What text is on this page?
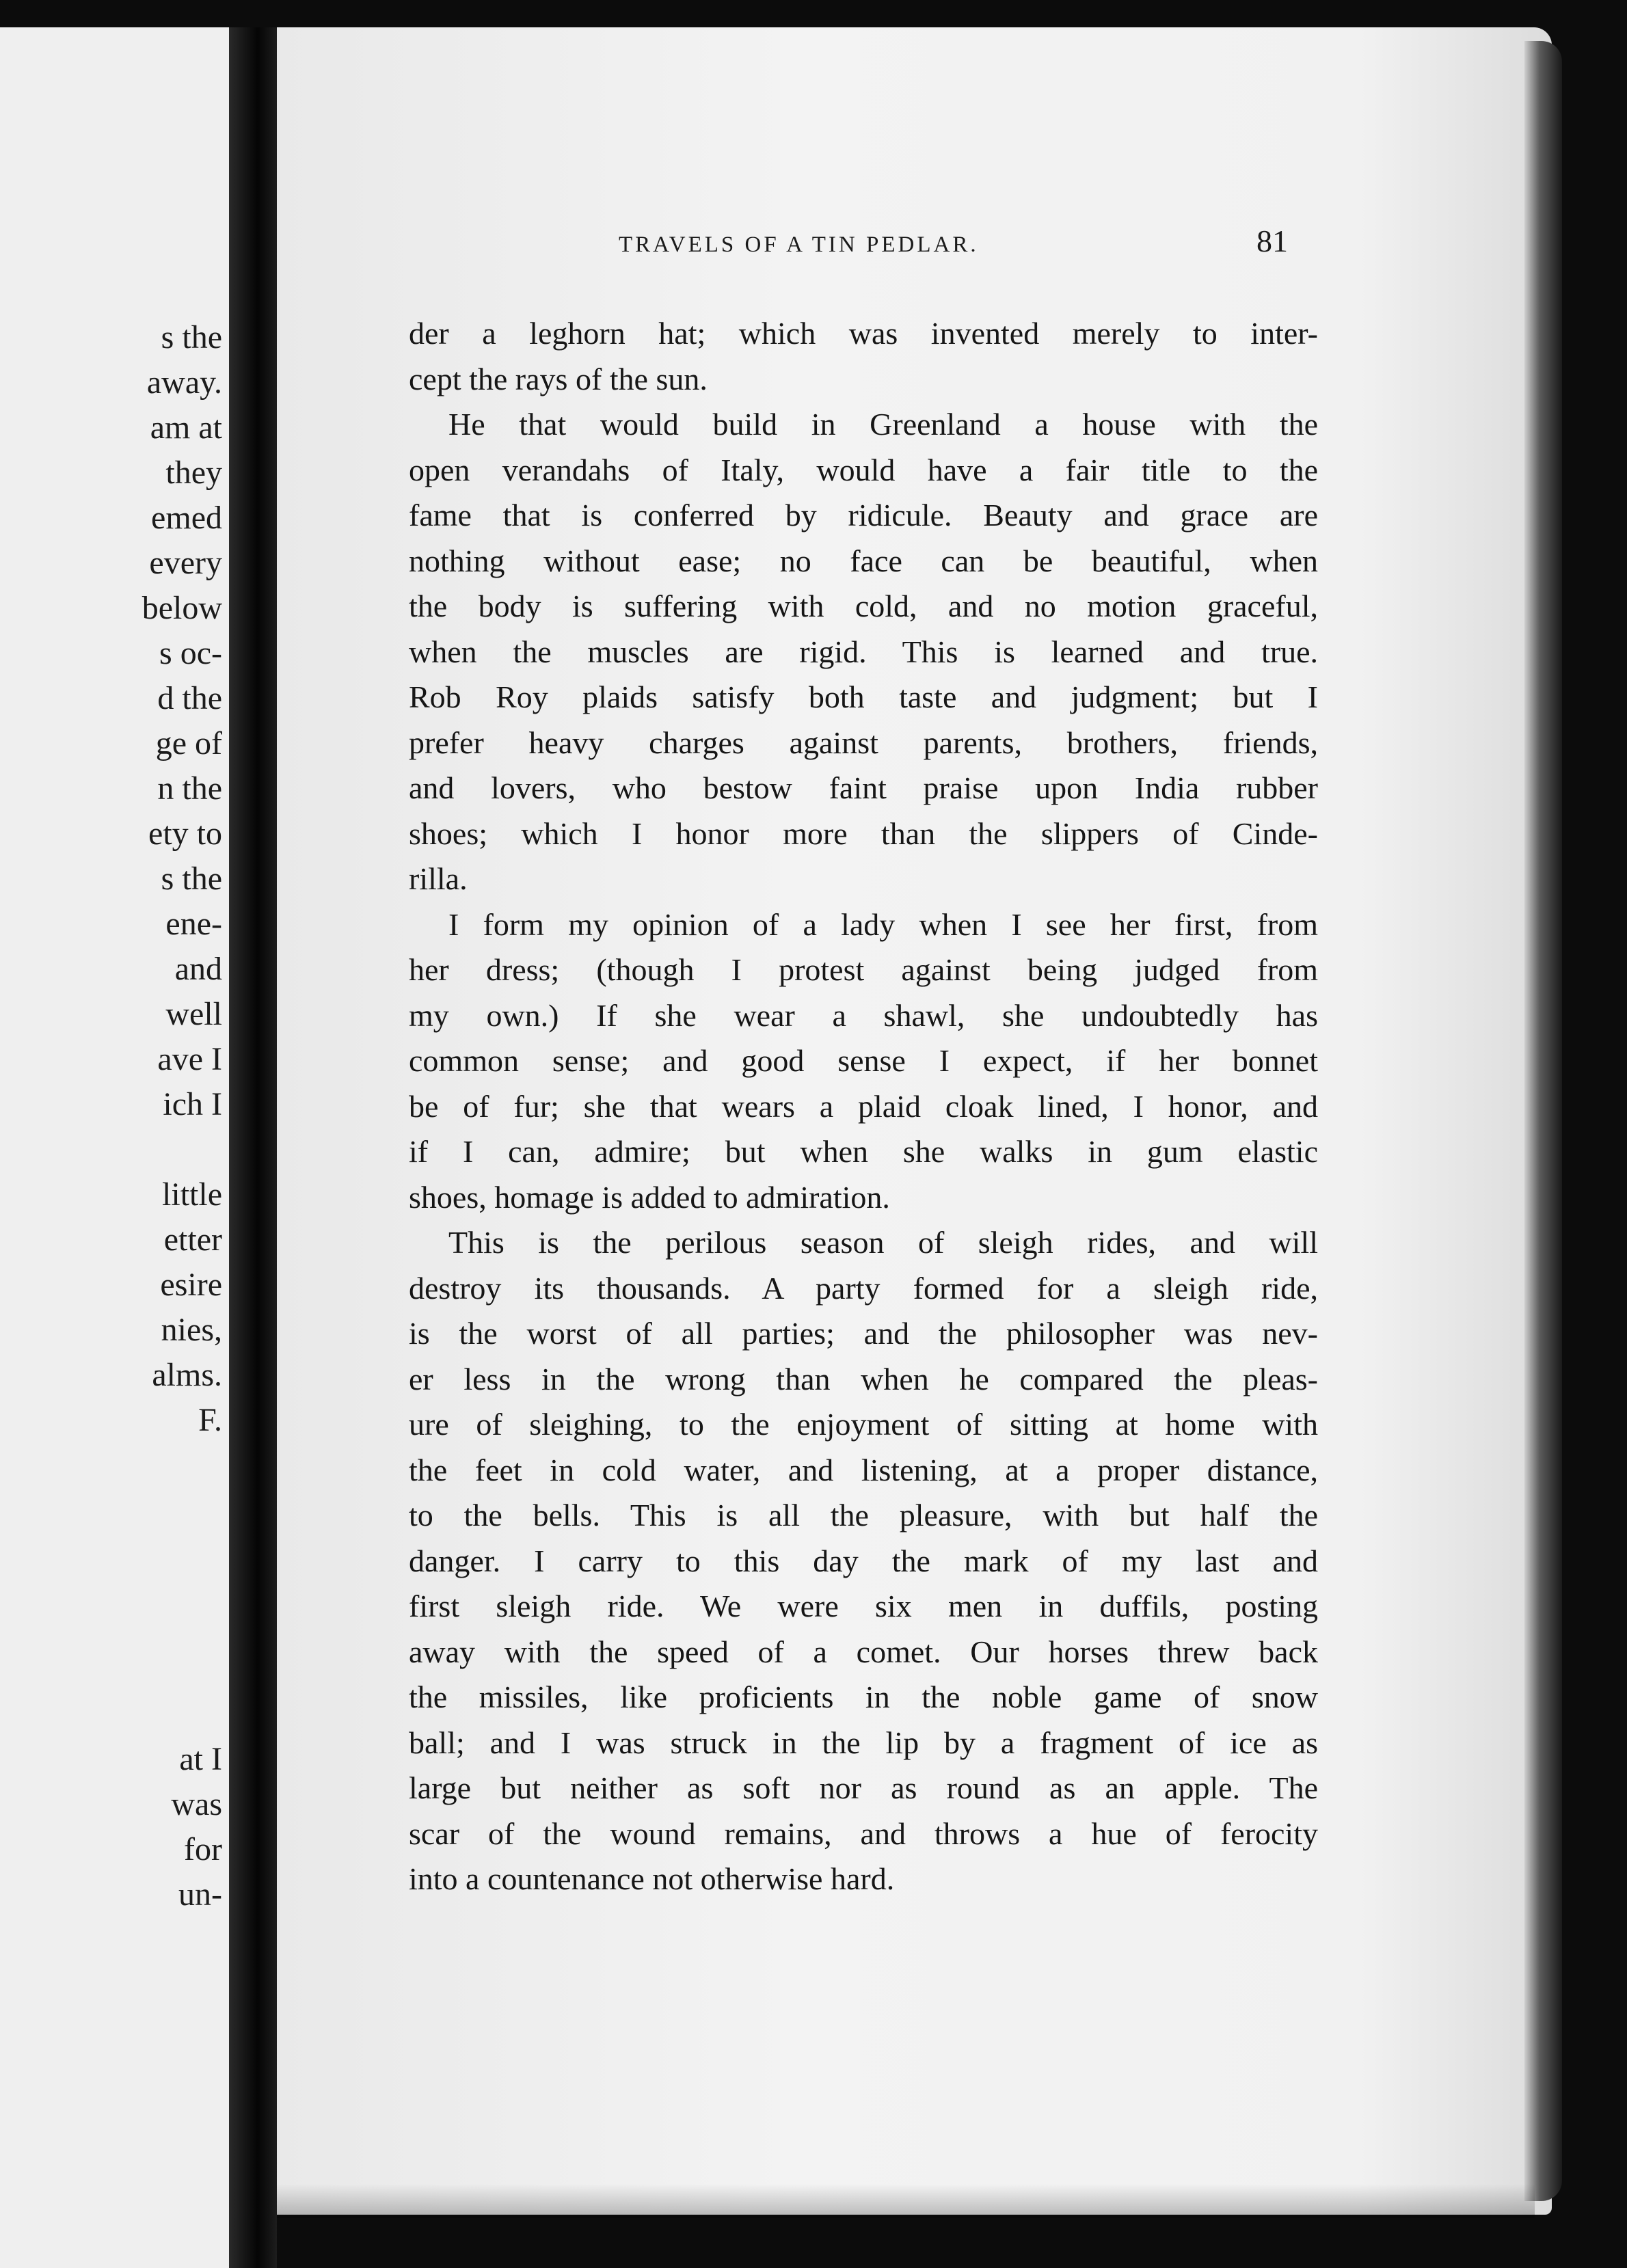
s the
away.
am at
they
emed
every
below
s oc-
d the
ge of
n the
ety to
s the
ene-
and
well
ave I
ich I
little
etter
esire
nies,
alms.
F.
at I
was
for
un-
TRAVELS OF A TIN PEDLAR.	81
der a leghorn hat; which was invented merely to inter-
cept the rays of the sun.
He that would build in Greenland a house with the
open verandahs of Italy, would have a fair title to the
fame that is conferred by ridicule. Beauty and grace are
nothing without ease; no face can be beautiful, when
the body is suffering with cold, and no motion graceful,
when the muscles are rigid. This is learned and true.
Rob Roy plaids satisfy both taste and judgment; but I
prefer heavy charges against parents, brothers, friends,
and lovers, who bestow faint praise upon India rubber
shoes; which I honor more than the slippers of Cinde-
rilla.
I form my opinion of a lady when I see her first, from
her dress; (though I protest against being judged from
my own.) If she wear a shawl, she undoubtedly has
common sense; and good sense I expect, if her bonnet
be of fur; she that wears a plaid cloak lined, I honor, and
if I can, admire; but when she walks in gum elastic
shoes, homage is added to admiration.
This is the perilous season of sleigh rides, and will
destroy its thousands. A party formed for a sleigh ride,
is the worst of all parties; and the philosopher was nev-
er less in the wrong than when he compared the pleas-
ure of sleighing, to the enjoyment of sitting at home with
the feet in cold water, and listening, at a proper distance,
to the bells. This is all the pleasure, with but half the
danger. I carry to this day the mark of my last and
first sleigh ride. We were six men in duffils, posting
away with the speed of a comet. Our horses threw back
the missiles, like proficients in the noble game of snow
ball; and I was struck in the lip by a fragment of ice as
large but neither as soft nor as round as an apple. The
scar of the wound remains, and throws a hue of ferocity
into a countenance not otherwise hard.
